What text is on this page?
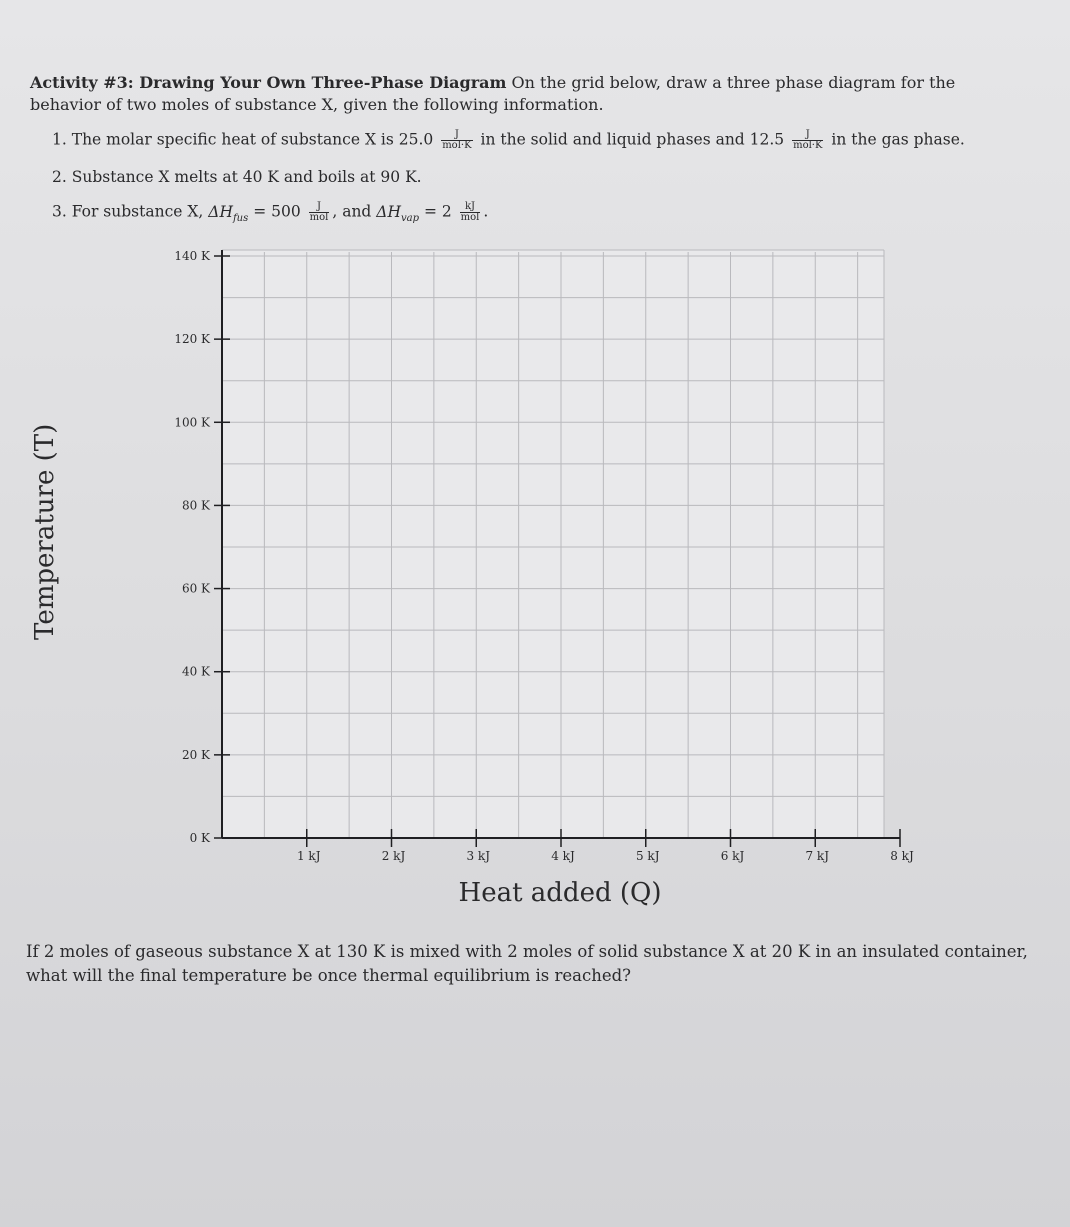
Activity #3: Drawing Your Own Three-Phase Diagram On the grid below, draw a three phase diagram for the behavior of two moles of substance X, given the following information.
1. The molar specific heat of substance X is $25.0 \frac{J}{\text{mol·K}}$ in the solid and liquid phases and $12.5 \frac{J}{\text{mol·K}}$ in the gas phase.
2. Substance X melts at 40 K and boils at 90 K.
3. For substance X, $\Delta H_{fus} = 500 \frac{J}{\text{mol}}$ , and $\Delta H_{vap} = 2 \frac{kJ}{\text{mol}}$ .
0 K
20 K
40 K
60 K
80 K
100 K
120 K
140 K
1 kJ	2 kJ	3 kJ	4 kJ	5 kJ	6 kJ	7 kJ	8 kJ
Temperature (T)
Heat added (Q)
If 2 moles of gaseous substance X at 130 K is mixed with 2 moles of solid substance X at 20 K in an insulated container, what will the final temperature be once thermal equilibrium is reached?
